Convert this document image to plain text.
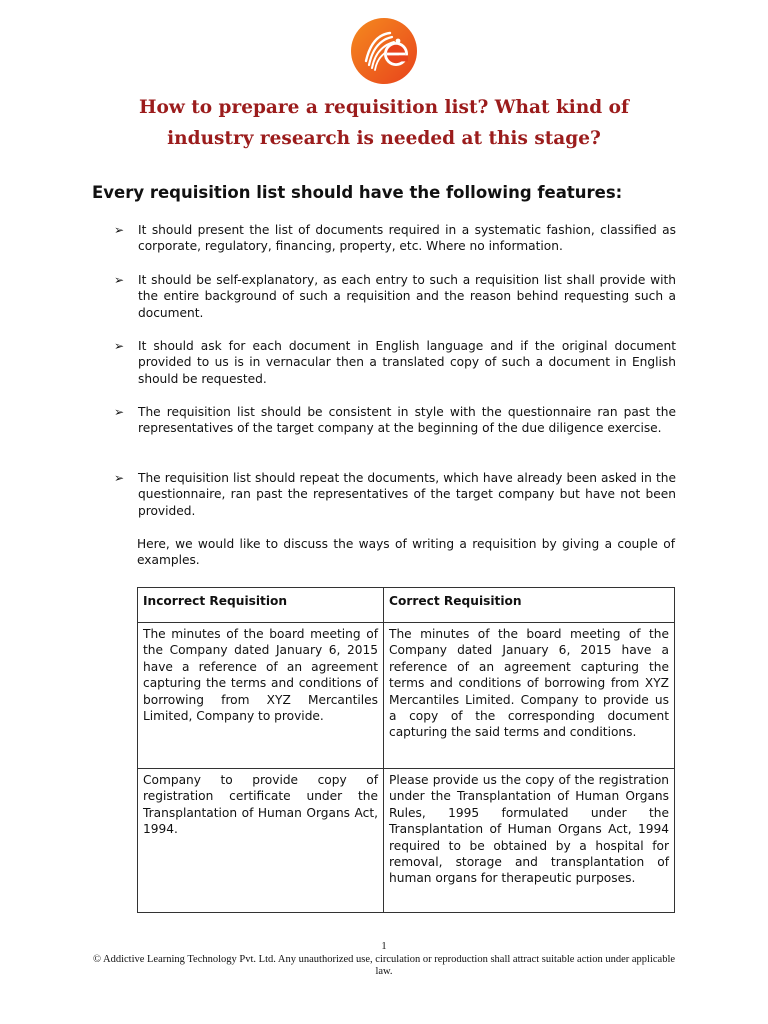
How to prepare a requisition list? What kind of
industry research is needed at this stage?
Every requisition list should have the following features:
➢ It should present the list of documents required in a systematic fashion, classified as corporate, regulatory, financing, property, etc. Where no information.
➢ It should be self-explanatory, as each entry to such a requisition list shall provide with the entire background of such a requisition and the reason behind requesting such a document.
➢ It should ask for each document in English language and if the original document provided to us is in vernacular then a translated copy of such a document in English should be requested.
➢ The requisition list should be consistent in style with the questionnaire ran past the representatives of the target company at the beginning of the due diligence exercise.
➢ The requisition list should repeat the documents, which have already been asked in the questionnaire, ran past the representatives of the target company but have not been provided.

Here, we would like to discuss the ways of writing a requisition by giving a couple of examples.

Incorrect Requisition	Correct Requisition
The minutes of the board meeting of the Company dated January 6, 2015 have a reference of an agreement capturing the terms and conditions of borrowing from XYZ Mercantiles Limited, Company to provide.	The minutes of the board meeting of the Company dated January 6, 2015 have a reference of an agreement capturing the terms and conditions of borrowing from XYZ Mercantiles Limited. Company to provide us a copy of the corresponding document capturing the said terms and conditions.
Company to provide copy of registration certificate under the Transplantation of Human Organs Act, 1994.	Please provide us the copy of the registration under the Transplantation of Human Organs Rules, 1995 formulated under the Transplantation of Human Organs Act, 1994 required to be obtained by a hospital for removal, storage and transplantation of human organs for therapeutic purposes.
1
© Addictive Learning Technology Pvt. Ltd. Any unauthorized use, circulation or reproduction shall attract suitable action under applicable law.
